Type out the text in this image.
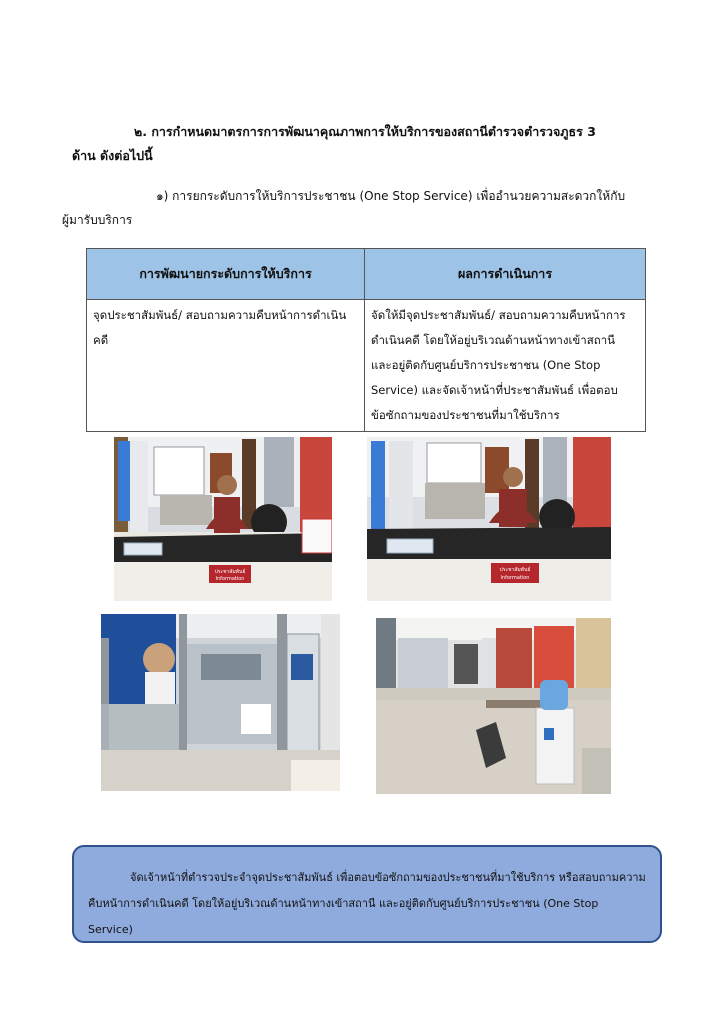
๒. การกำหนดมาตรการการพัฒนาคุณภาพการให้บริการของสถานีตำรวจตำรวจภูธร 3
ด้าน ดังต่อไปนี้
๑) การยกระดับการให้บริการประชาชน (One Stop Service) เพื่ออำนวยความสะดวกให้กับ
ผู้มารับบริการ
การพัฒนายกระดับการให้บริการ	ผลการดำเนินการ
จุดประชาสัมพันธ์/ สอบถามความคืบหน้าการดำเนินคดี	จัดให้มีจุดประชาสัมพันธ์/ สอบถามความคืบหน้าการ
ดำเนินคดี โดยให้อยู่บริเวณด้านหน้าทางเข้าสถานี
และอยู่ติดกับศูนย์บริการประชาชน (One Stop
Service) และจัดเจ้าหน้าที่ประชาสัมพันธ์ เพื่อตอบ
ข้อซักถามของประชาชนที่มาใช้บริการ
ประชาสัมพันธ์
Information
ประชาสัมพันธ์
Information
จัดเจ้าหน้าที่ตำรวจประจำจุดประชาสัมพันธ์ เพื่อตอบข้อซักถามของประชาชนที่มาใช้บริการ หรือสอบถามความ
คืบหน้าการดำเนินคดี โดยให้อยู่บริเวณด้านหน้าทางเข้าสถานี และอยู่ติดกับศูนย์บริการประชาชน (One Stop Service)
